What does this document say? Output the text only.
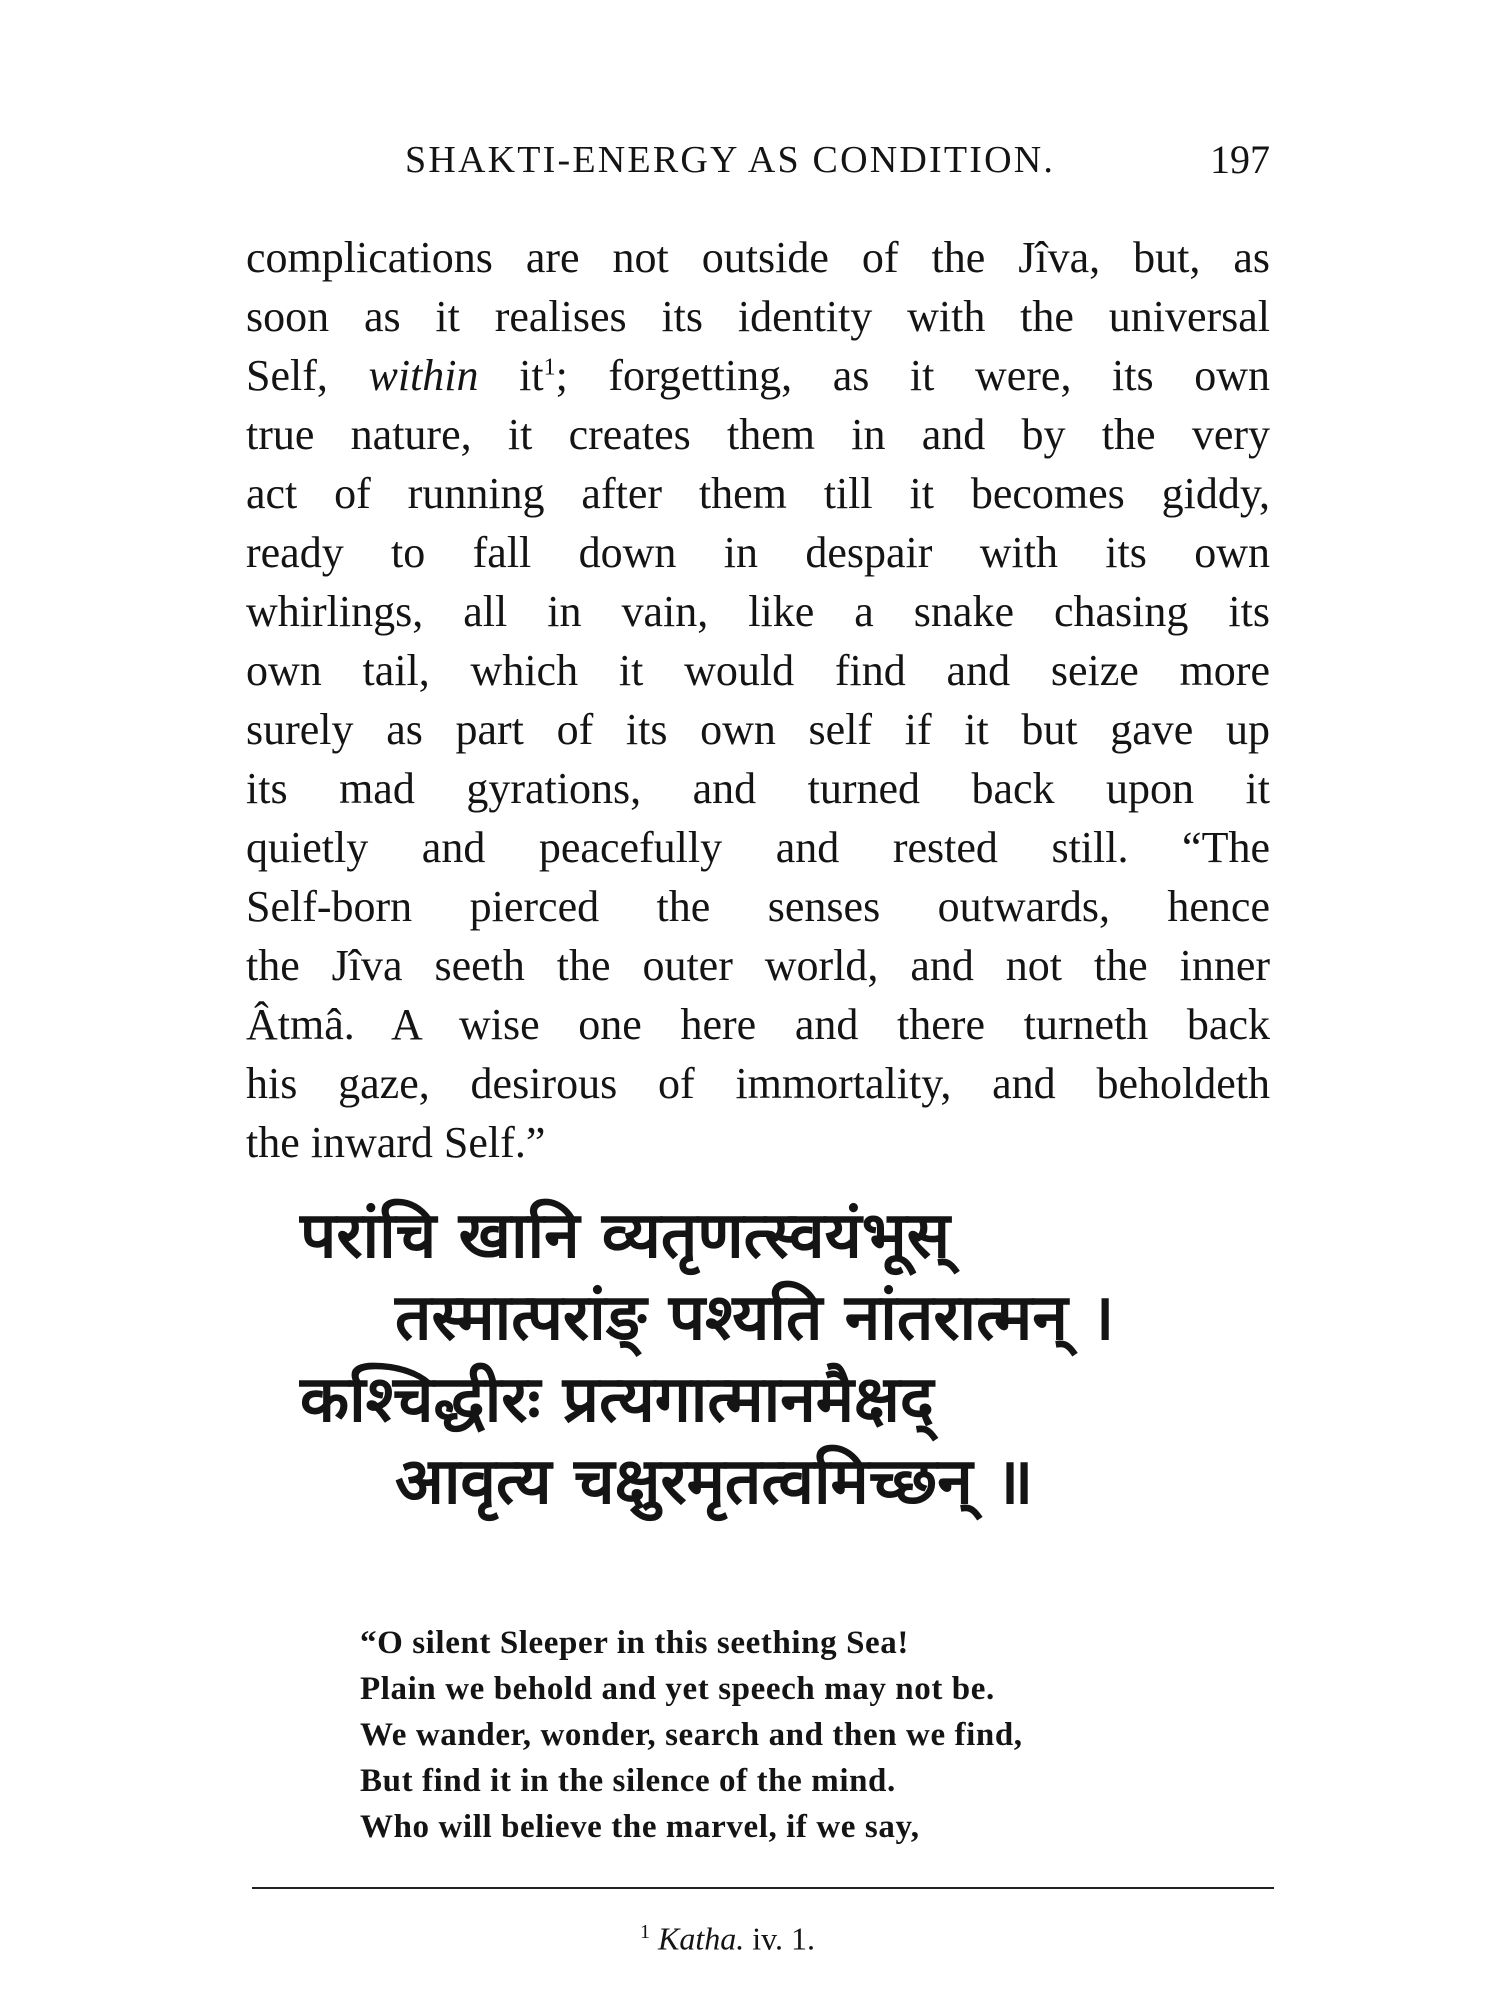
SHAKTI-ENERGY AS CONDITION.	197
complications are not outside of the Jîva, but, as
soon as it realises its identity with the universal
Self, within it$^1$; forgetting, as it were, its own
true nature, it creates them in and by the very
act of running after them till it becomes giddy,
ready to fall down in despair with its own
whirlings, all in vain, like a snake chasing its
own tail, which it would find and seize more
surely as part of its own self if it but gave up
its mad gyrations, and turned back upon it
quietly and peacefully and rested still. “The
Self-born pierced the senses outwards, hence
the Jîva seeth the outer world, and not the inner
Âtmâ. A wise one here and there turneth back
his gaze, desirous of immortality, and beholdeth
the inward Self.”
परांचि खानि व्यतृणत्स्वयंभूस्
तस्मात्परांङ् पश्यति नांतरात्मन् ।
कश्चिद्धीरः प्रत्यगात्मानमैक्षद्
आवृत्य चक्षुरमृतत्वमिच्छन् ॥
“O silent Sleeper in this seething Sea!
Plain we behold and yet speech may not be.
We wander, wonder, search and then we find,
But find it in the silence of the mind.
Who will believe the marvel, if we say,
$^1$ Katha. iv. 1.
